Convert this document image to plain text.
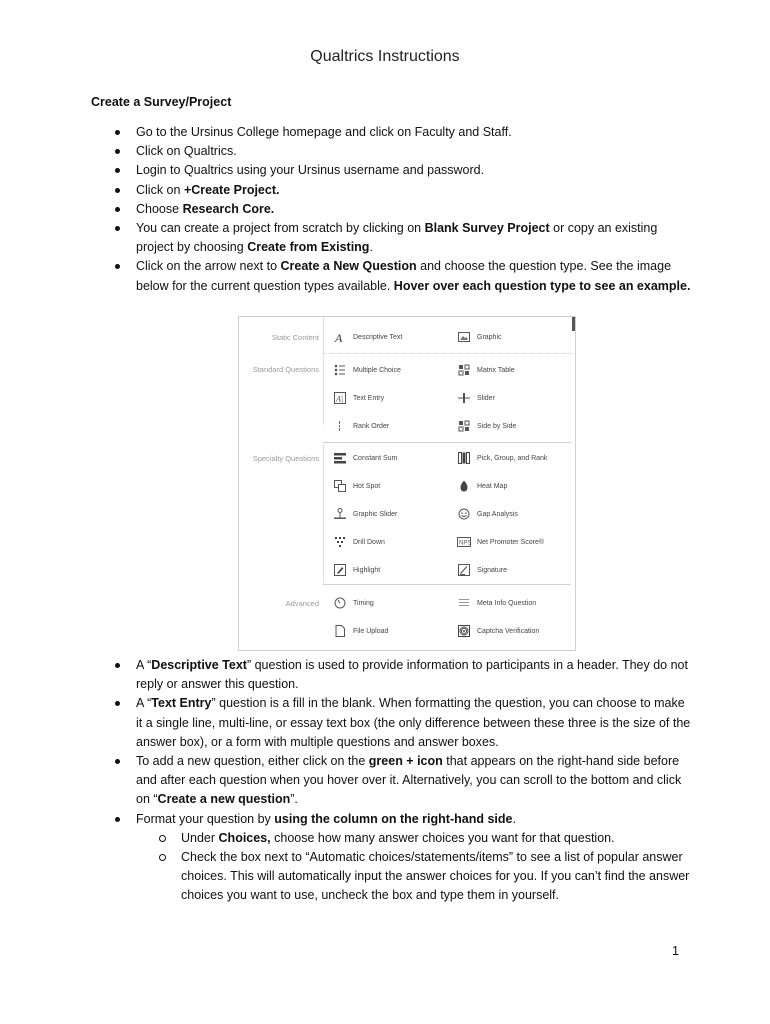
Qualtrics Instructions
Create a Survey/Project
Go to the Ursinus College homepage and click on Faculty and Staff.
Click on Qualtrics.
Login to Qualtrics using your Ursinus username and password.
Click on +Create Project.
Choose Research Core.
You can create a project from scratch by clicking on Blank Survey Project or copy an existing project by choosing Create from Existing.
Click on the arrow next to Create a New Question and choose the question type. See the image below for the current question types available. Hover over each question type to see an example.
Static Content
Standard Questions
Specialty Questions
Advanced
A Descriptive Text
Multiple Choice
A| Text Entry
Rank Order
Constant Sum
Hot Spot
Graphic Slider
Drill Down
Highlight
Timing
File Upload
Graphic
Matrix Table
Slider
Side by Side
Pick, Group, and Rank
Heat Map
Gap Analysis
NPS Net Promoter Score®
Signature
Meta Info Question
Captcha Verification
A “Descriptive Text” question is used to provide information to participants in a header. They do not reply or answer this question.
A “Text Entry” question is a fill in the blank. When formatting the question, you can choose to make it a single line, multi-line, or essay text box (the only difference between these three is the size of the answer box), or a form with multiple questions and answer boxes.
To add a new question, either click on the green + icon that appears on the right-hand side before and after each question when you hover over it. Alternatively, you can scroll to the bottom and click on “Create a new question”.
Format your question by using the column on the right-hand side.
Under Choices, choose how many answer choices you want for that question.
Check the box next to “Automatic choices/statements/items” to see a list of popular answer choices. This will automatically input the answer choices for you. If you can’t find the answer choices you want to use, uncheck the box and type them in yourself.
1
